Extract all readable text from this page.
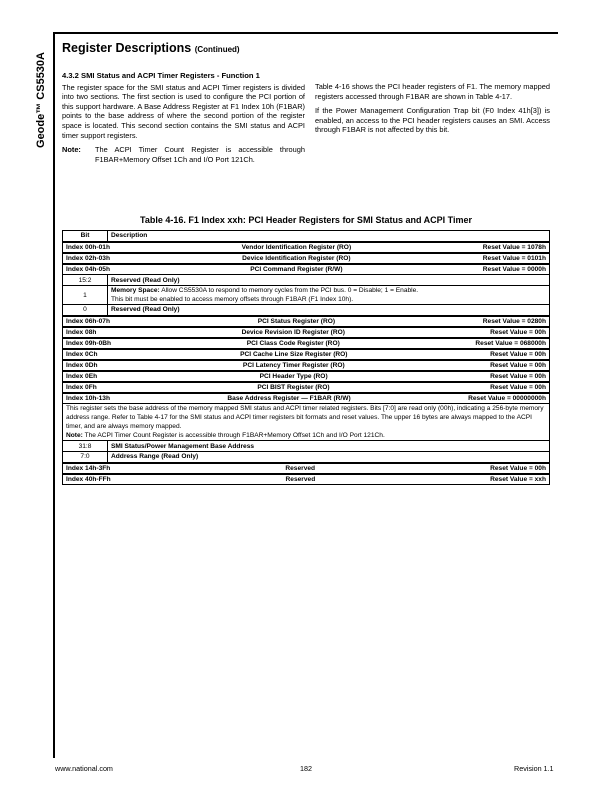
Geode™ CS5530A
Register Descriptions (Continued)
4.3.2 SMI Status and ACPI Timer Registers - Function 1

The register space for the SMI status and ACPI Timer registers is divided into two sections. The first section is used to configure the PCI portion of this support hardware. A Base Address Register at F1 Index 10h (F1BAR) points to the base address of where the second portion of the register space is located. This second section contains the SMI status and ACPI timer support registers.

Note:	The ACPI Timer Count Register is accessible through F1BAR+Memory Offset 1Ch and I/O Port 121Ch.

Table 4-16 shows the PCI header registers of F1. The memory mapped registers accessed through F1BAR are shown in Table 4-17.

If the Power Management Configuration Trap bit (F0 Index 41h[3]) is enabled, an access to the PCI header registers causes an SMI. Access through F1BAR is not affected by this bit.

Table 4-16. F1 Index xxh: PCI Header Registers for SMI Status and ACPI Timer
Bit	Description

Index 00h-01h Vendor Identification Register (RO) Reset Value = 1078h	

Index 02h-03h Device Identification Register (RO) Reset Value = 0101h	

Index 04h-05h PCI Command Register (R/W) Reset Value = 0000h	

15:2	Reserved (Read Only)
1	Memory Space: Allow CS5530A to respond to memory cycles from the PCI bus. 0 = Disable; 1 = Enable.
This bit must be enabled to access memory offsets through F1BAR (F1 Index 10h).
0	Reserved (Read Only)

Index 06h-07h PCI Status Register (RO) Reset Value = 0280h	

Index 08h Device Revision ID Register (RO) Reset Value = 00h	

Index 09h-0Bh PCI Class Code Register (RO) Reset Value = 068000h	

Index 0Ch PCI Cache Line Size Register (RO) Reset Value = 00h	

Index 0Dh PCI Latency Timer Register (RO) Reset Value = 00h	

Index 0Eh PCI Header Type (RO) Reset Value = 00h	

Index 0Fh PCI BIST Register (RO) Reset Value = 00h	

Index 10h-13h Base Address Register — F1BAR (R/W) Reset Value = 00000000h	

This register sets the base address of the memory mapped SMI status and ACPI timer related registers. Bits [7:0] are read only (00h), indicating a 256-byte memory address range. Refer to Table 4-17 for the SMI status and ACPI timer registers bit formats and reset values. The upper 16 bytes are always mapped to the ACPI timer, and are always memory mapped.
Note: The ACPI Timer Count Register is accessible through F1BAR+Memory Offset 1Ch and I/O Port 121Ch.	
31:8	SMI Status/Power Management Base Address
7:0	Address Range (Read Only)

Index 14h-3Fh Reserved Reset Value = 00h	

Index 40h-FFh Reserved Reset Value = xxh	
www.national.com	182	Revision 1.1
